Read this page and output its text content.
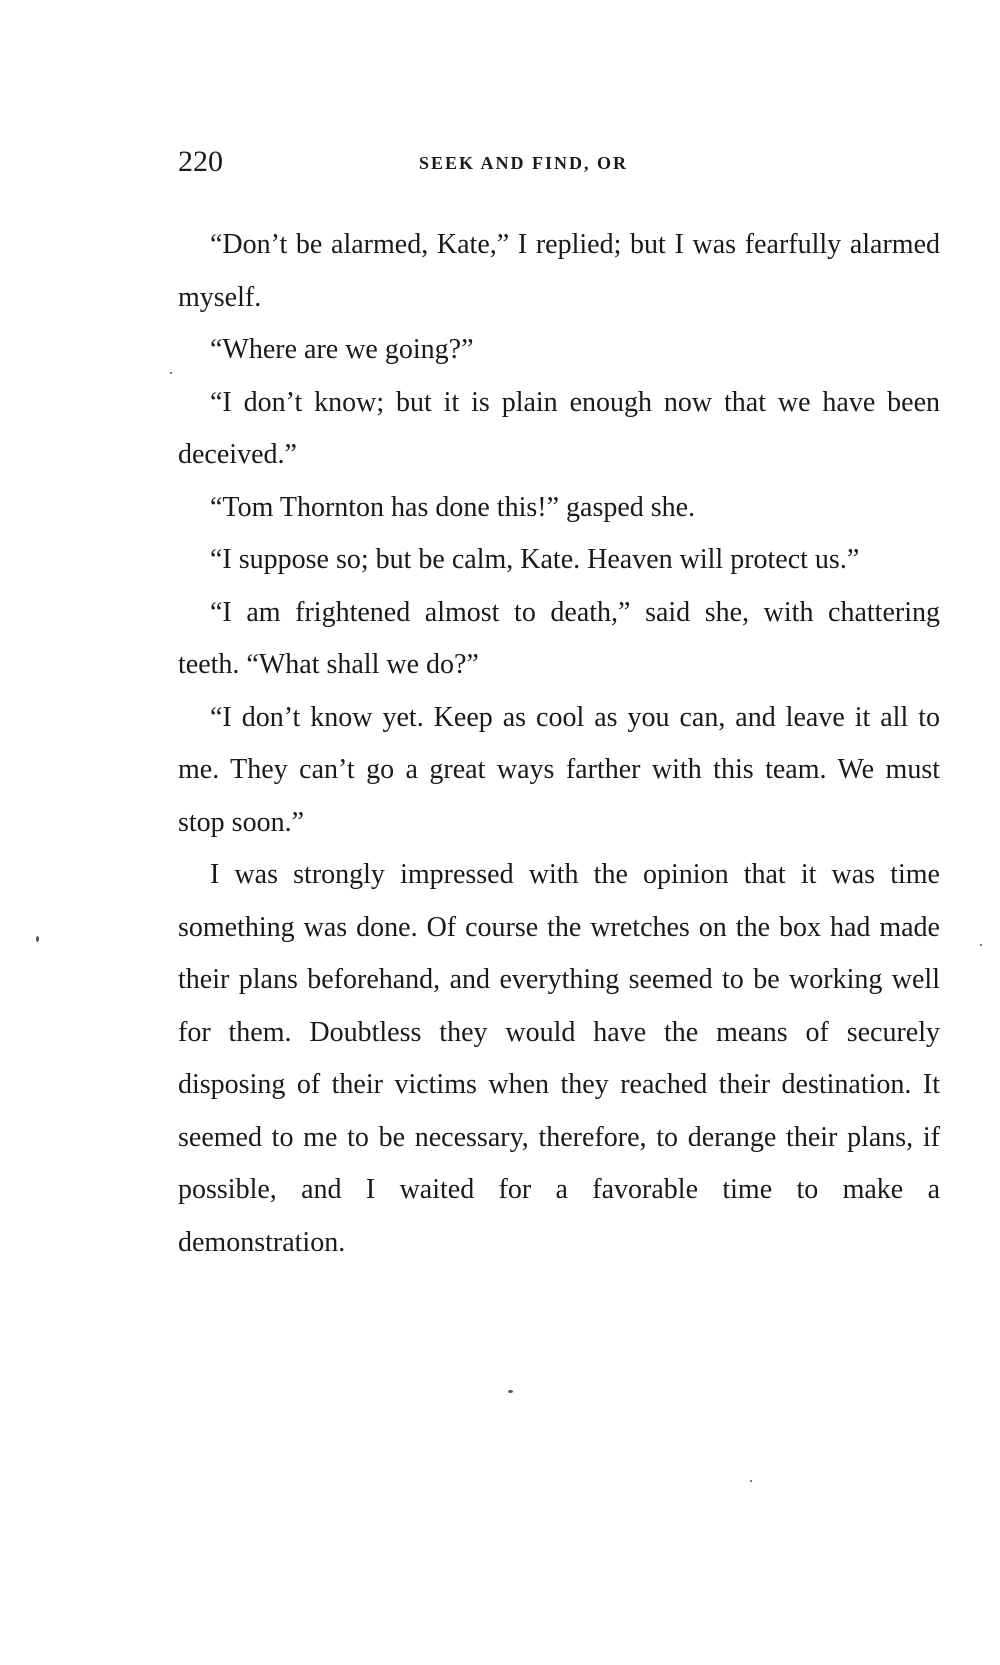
220	SEEK AND FIND, OR

“Don’t be alarmed, Kate,” I replied; but I was fearfully alarmed myself.

“Where are we going?”

“I don’t know; but it is plain enough now that we have been deceived.”

“Tom Thornton has done this!” gasped she.

“I suppose so; but be calm, Kate. Heaven will protect us.”

“I am frightened almost to death,” said she, with chattering teeth. “What shall we do?”

“I don’t know yet. Keep as cool as you can, and leave it all to me. They can’t go a great ways farther with this team. We must stop soon.”

I was strongly impressed with the opinion that it was time something was done. Of course the wretches on the box had made their plans beforehand, and everything seemed to be working well for them. Doubtless they would have the means of securely disposing of their victims when they reached their destination. It seemed to me to be necessary, therefore, to derange their plans, if possible, and I waited for a favorable time to make a demonstration.
